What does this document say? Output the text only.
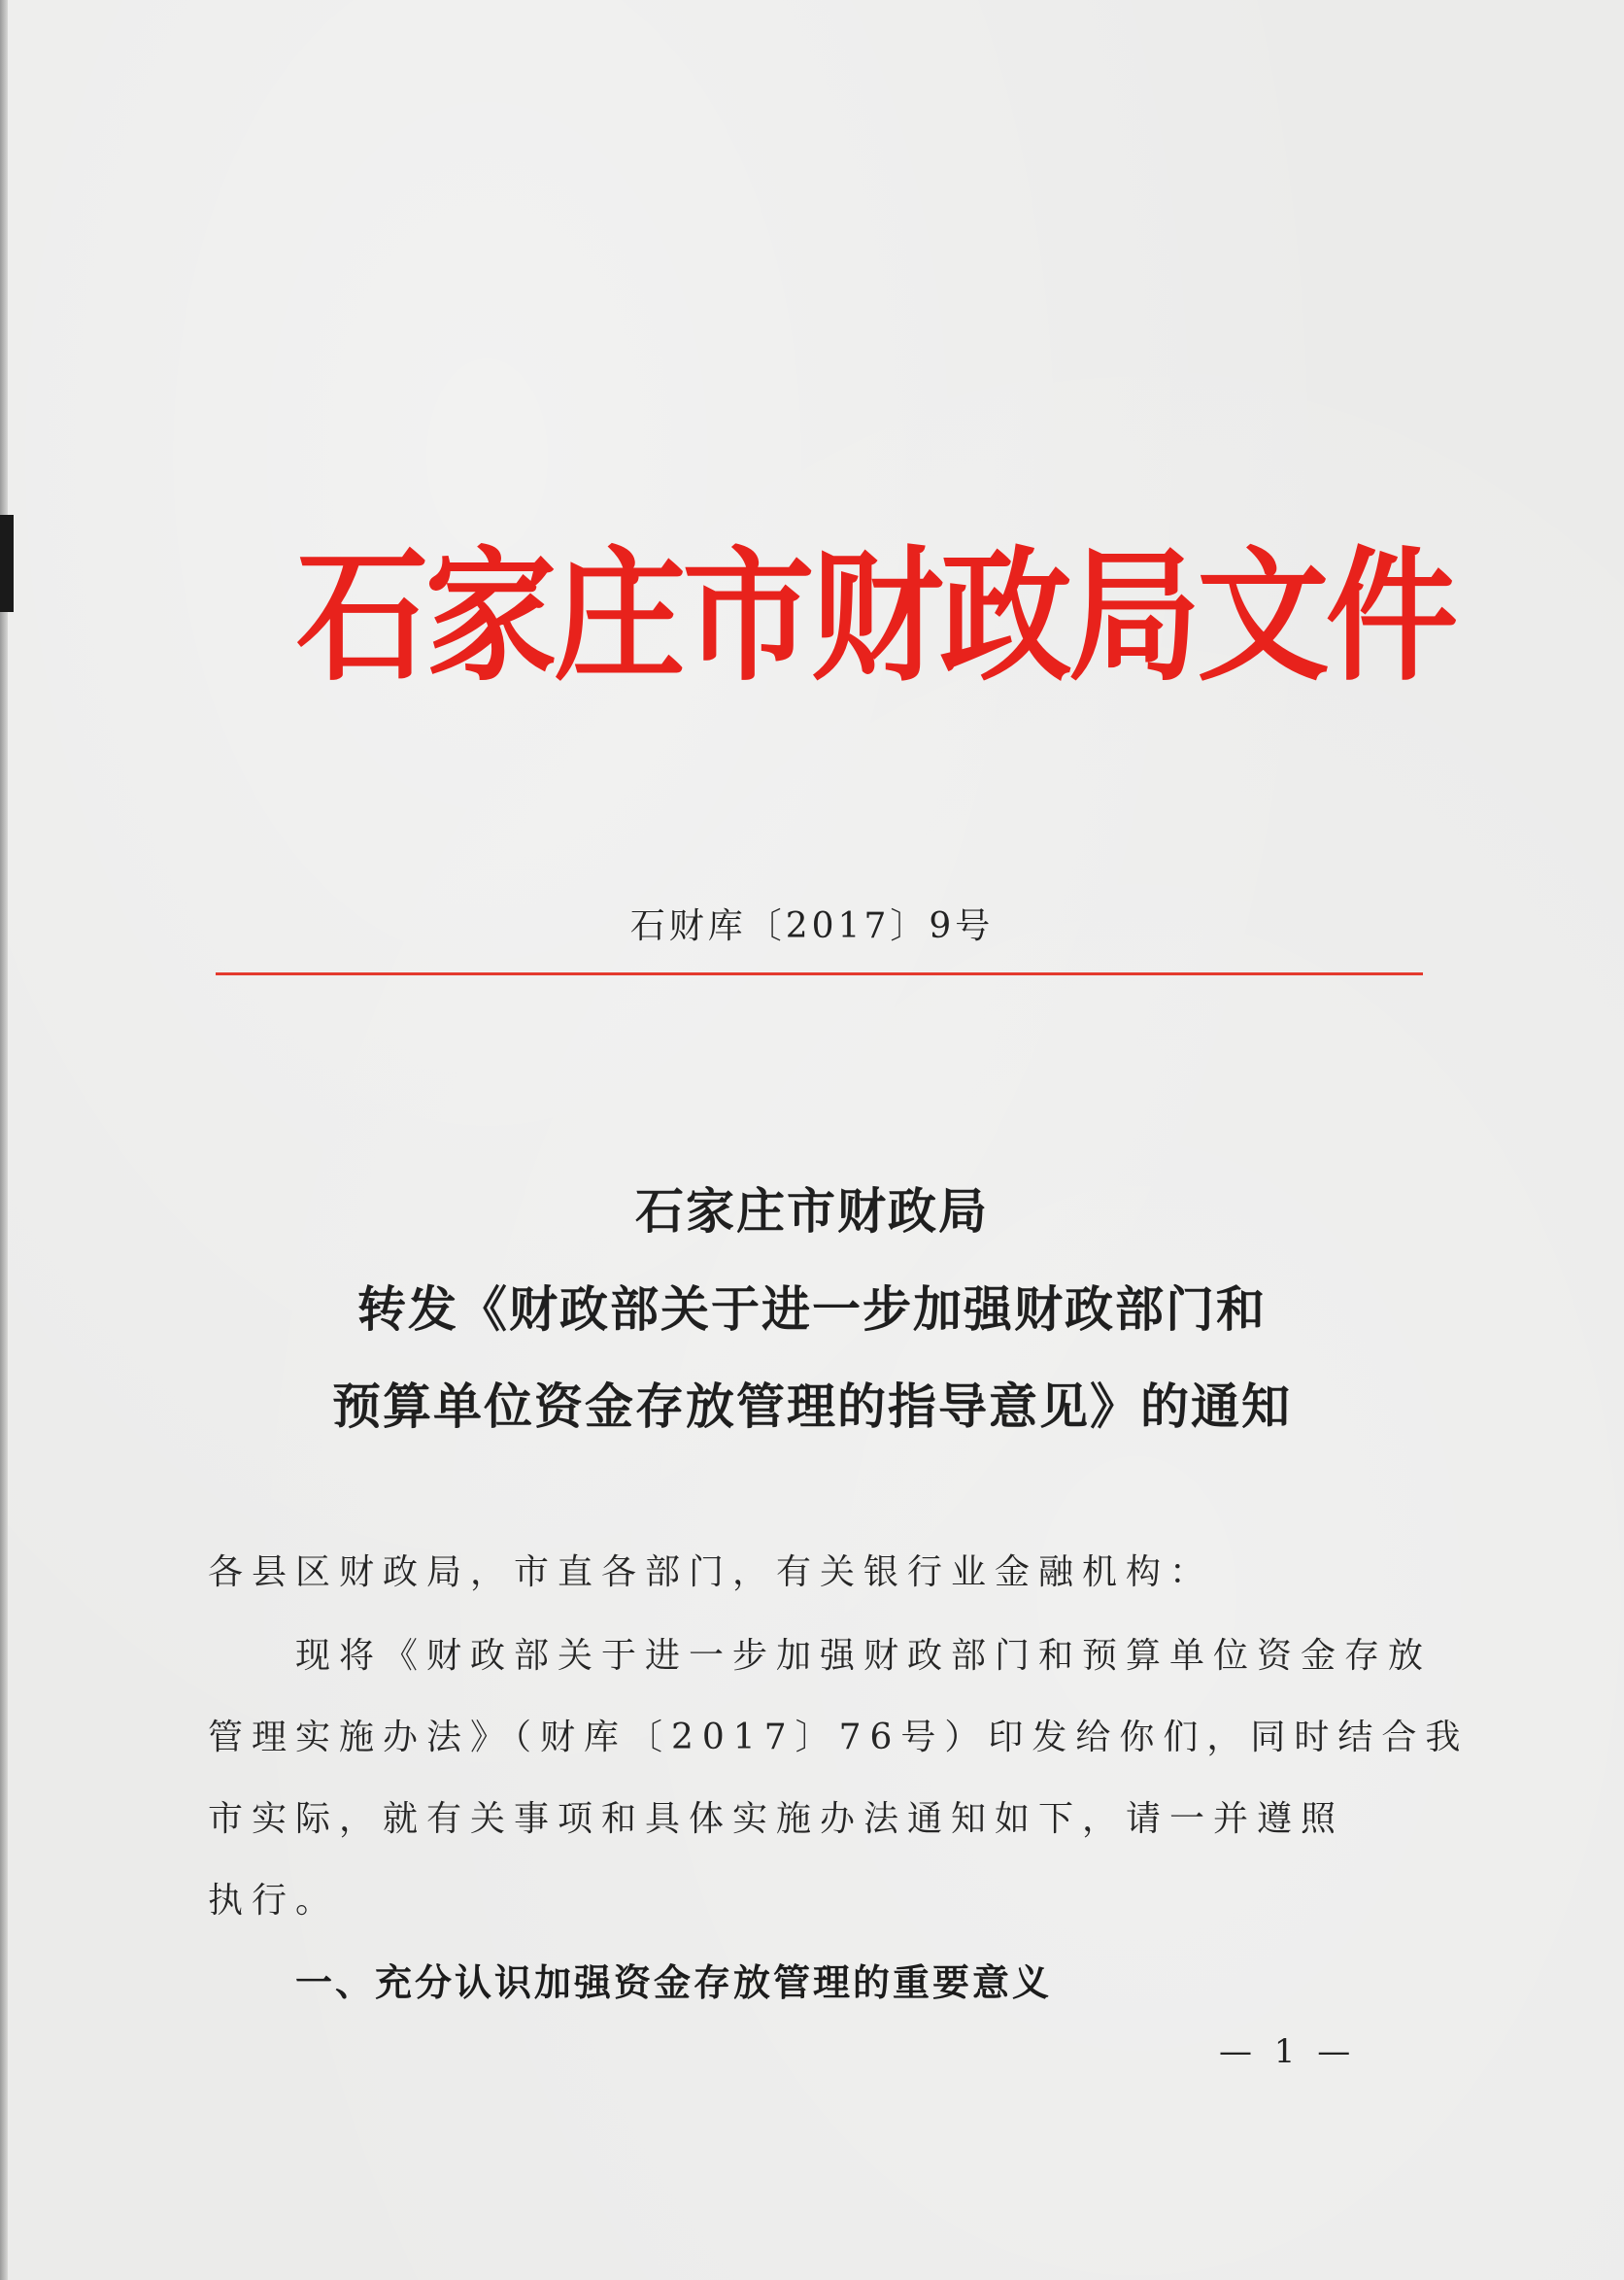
石家庄市财政局文件
石财库〔2017〕9号
石家庄市财政局
转发《财政部关于进一步加强财政部门和
预算单位资金存放管理的指导意见》的通知
各县区财政局，市直各部门，有关银行业金融机构：
现将《财政部关于进一步加强财政部门和预算单位资金存放
管理实施办法》（财库〔2017〕76号）印发给你们，同时结合我
市实际，就有关事项和具体实施办法通知如下，请一并遵照
执行。
一、充分认识加强资金存放管理的重要意义
— 1 —
